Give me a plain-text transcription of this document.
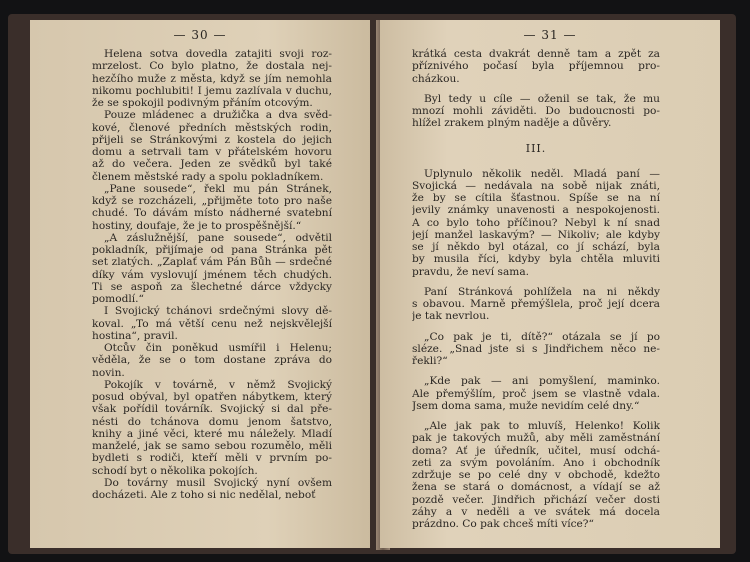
— 30 —
Helena sotva dovedla zatajiti svoji roz-
mrzelost. Co bylo platno, že dostala nej-
hezčího muže z města, když se jím nemohla
nikomu pochlubiti! I jemu zazlívala v duchu,
že se spokojil podivným přáním otcovým.
Pouze mládenec a družička a dva svěd-
kové, členové předních městských rodin,
přijeli se Stránkovými z kostela do jejich
domu a setrvali tam v přátelském hovoru
až do večera. Jeden ze svědků byl také
členem městské rady a spolu pokladníkem.
„Pane sousede“, řekl mu pán Stránek,
když se rozcházeli, „přijměte toto pro naše
chudé. To dávám místo nádherné svatební
hostiny, doufaje, že je to prospěšnější.“
„A záslužnější, pane sousede“, odvětil
pokladník, přijímaje od pana Stránka pět
set zlatých. „Zaplať vám Pán Bůh — srdečné
díky vám vyslovují jménem těch chudých.
Ti se aspoň za šlechetné dárce vždycky
pomodlí.“
I Svojický tchánovi srdečnými slovy dě-
koval. „To má větší cenu než nejskvělejší
hostina“, pravil.
Otcův čin poněkud usmířil i Helenu;
věděla, že se o tom dostane zpráva do
novin.
Pokojík v továrně, v němž Svojický
posud obýval, byl opatřen nábytkem, který
však pořídil továrník. Svojický si dal pře-
nésti do tchánova domu jenom šatstvo,
knihy a jiné věci, které mu náležely. Mladí
manželé, jak se samo sebou rozumělo, měli
bydleti s rodiči, kteří měli v prvním po-
schodí byt o několika pokojích.
Do továrny musil Svojický nyní ovšem
docházeti. Ale z toho si nic nedělal, neboť
— 31 —
krátká cesta dvakrát denně tam a zpět za
příznivého počasí byla příjemnou pro-
cházkou.
Byl tedy u cíle — oženil se tak, že mu
mnozí mohli záviděti. Do budoucnosti po-
hlížel zrakem plným naděje a důvěry.
III.
Uplynulo několik neděl. Mladá paní —
Svojická — nedávala na sobě nijak znáti,
že by se cítila šťastnou. Spíše se na ní
jevily známky unavenosti a nespokojenosti.
A co bylo toho příčinou? Nebyl k ní snad
její manžel laskavým? — Nikoliv; ale kdyby
se jí někdo byl otázal, co jí schází, byla
by musila říci, kdyby byla chtěla mluviti
pravdu, že neví sama.
Paní Stránková pohlížela na ni někdy
s obavou. Marně přemýšlela, proč její dcera
je tak nevrlou.
„Co pak je ti, dítě?“ otázala se jí po
sléze. „Snad jste si s Jindřichem něco ne-
řekli?“
„Kde pak — ani pomyšlení, maminko.
Ale přemýšlím, proč jsem se vlastně vdala.
Jsem doma sama, muže nevidím celé dny.“
„Ale jak pak to mluvíš, Helenko! Kolik
pak je takových mužů, aby měli zaměstnání
doma? Ať je úředník, učitel, musí odchá-
zeti za svým povoláním. Ano i obchodník
zdržuje se po celé dny v obchodě, kdežto
žena se stará o domácnost, a vídají se až
pozdě večer. Jindřich přichází večer dosti
záhy a v neděli a ve svátek má docela
prázdno. Co pak chceš míti více?“
